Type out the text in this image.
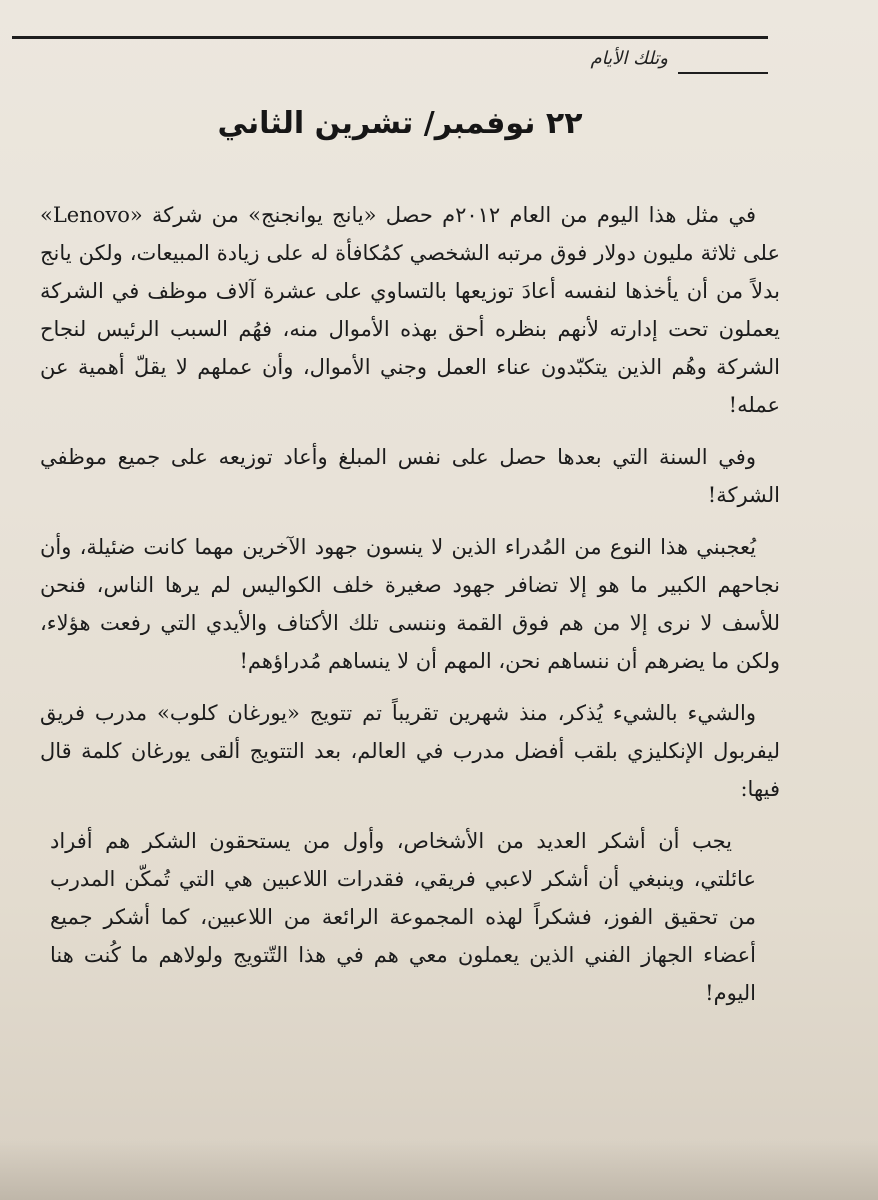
وتلك الأيام
٢٢ نوفمبر/ تشرين الثاني

في مثل هذا اليوم من العام ٢٠١٢م حصل «يانج يوانجنج» من شركة «Lenovo» على ثلاثة مليون دولار فوق مرتبه الشخصي كمُكافأة له على زيادة المبيعات، ولكن يانج بدلاً من أن يأخذها لنفسه أعادَ توزيعها بالتساوي على عشرة آلاف موظف في الشركة يعملون تحت إدارته لأنهم بنظره أحق بهذه الأموال منه، فهُم السبب الرئيس لنجاح الشركة وهُم الذين يتكبّدون عناء العمل وجني الأموال، وأن عملهم لا يقلّ أهمية عن عمله!

وفي السنة التي بعدها حصل على نفس المبلغ وأعاد توزيعه على جميع موظفي الشركة!

يُعجبني هذا النوع من المُدراء الذين لا ينسون جهود الآخرين مهما كانت ضئيلة، وأن نجاحهم الكبير ما هو إلا تضافر جهود صغيرة خلف الكواليس لم يرها الناس، فنحن للأسف لا نرى إلا من هم فوق القمة وننسى تلك الأكتاف والأيدي التي رفعت هؤلاء، ولكن ما يضرهم أن ننساهم نحن، المهم أن لا ينساهم مُدراؤهم!

والشيء بالشيء يُذكر، منذ شهرين تقريباً تم تتويج «يورغان كلوب» مدرب فريق ليفربول الإنكليزي بلقب أفضل مدرب في العالم، بعد التتويج ألقى يورغان كلمة قال فيها:

يجب أن أشكر العديد من الأشخاص، وأول من يستحقون الشكر هم أفراد عائلتي، وينبغي أن أشكر لاعبي فريقي، فقدرات اللاعبين هي التي تُمكّن المدرب من تحقيق الفوز، فشكراً لهذه المجموعة الرائعة من اللاعبين، كما أشكر جميع أعضاء الجهاز الفني الذين يعملون معي هم في هذا التّتويج ولولاهم ما كُنت هنا اليوم!
